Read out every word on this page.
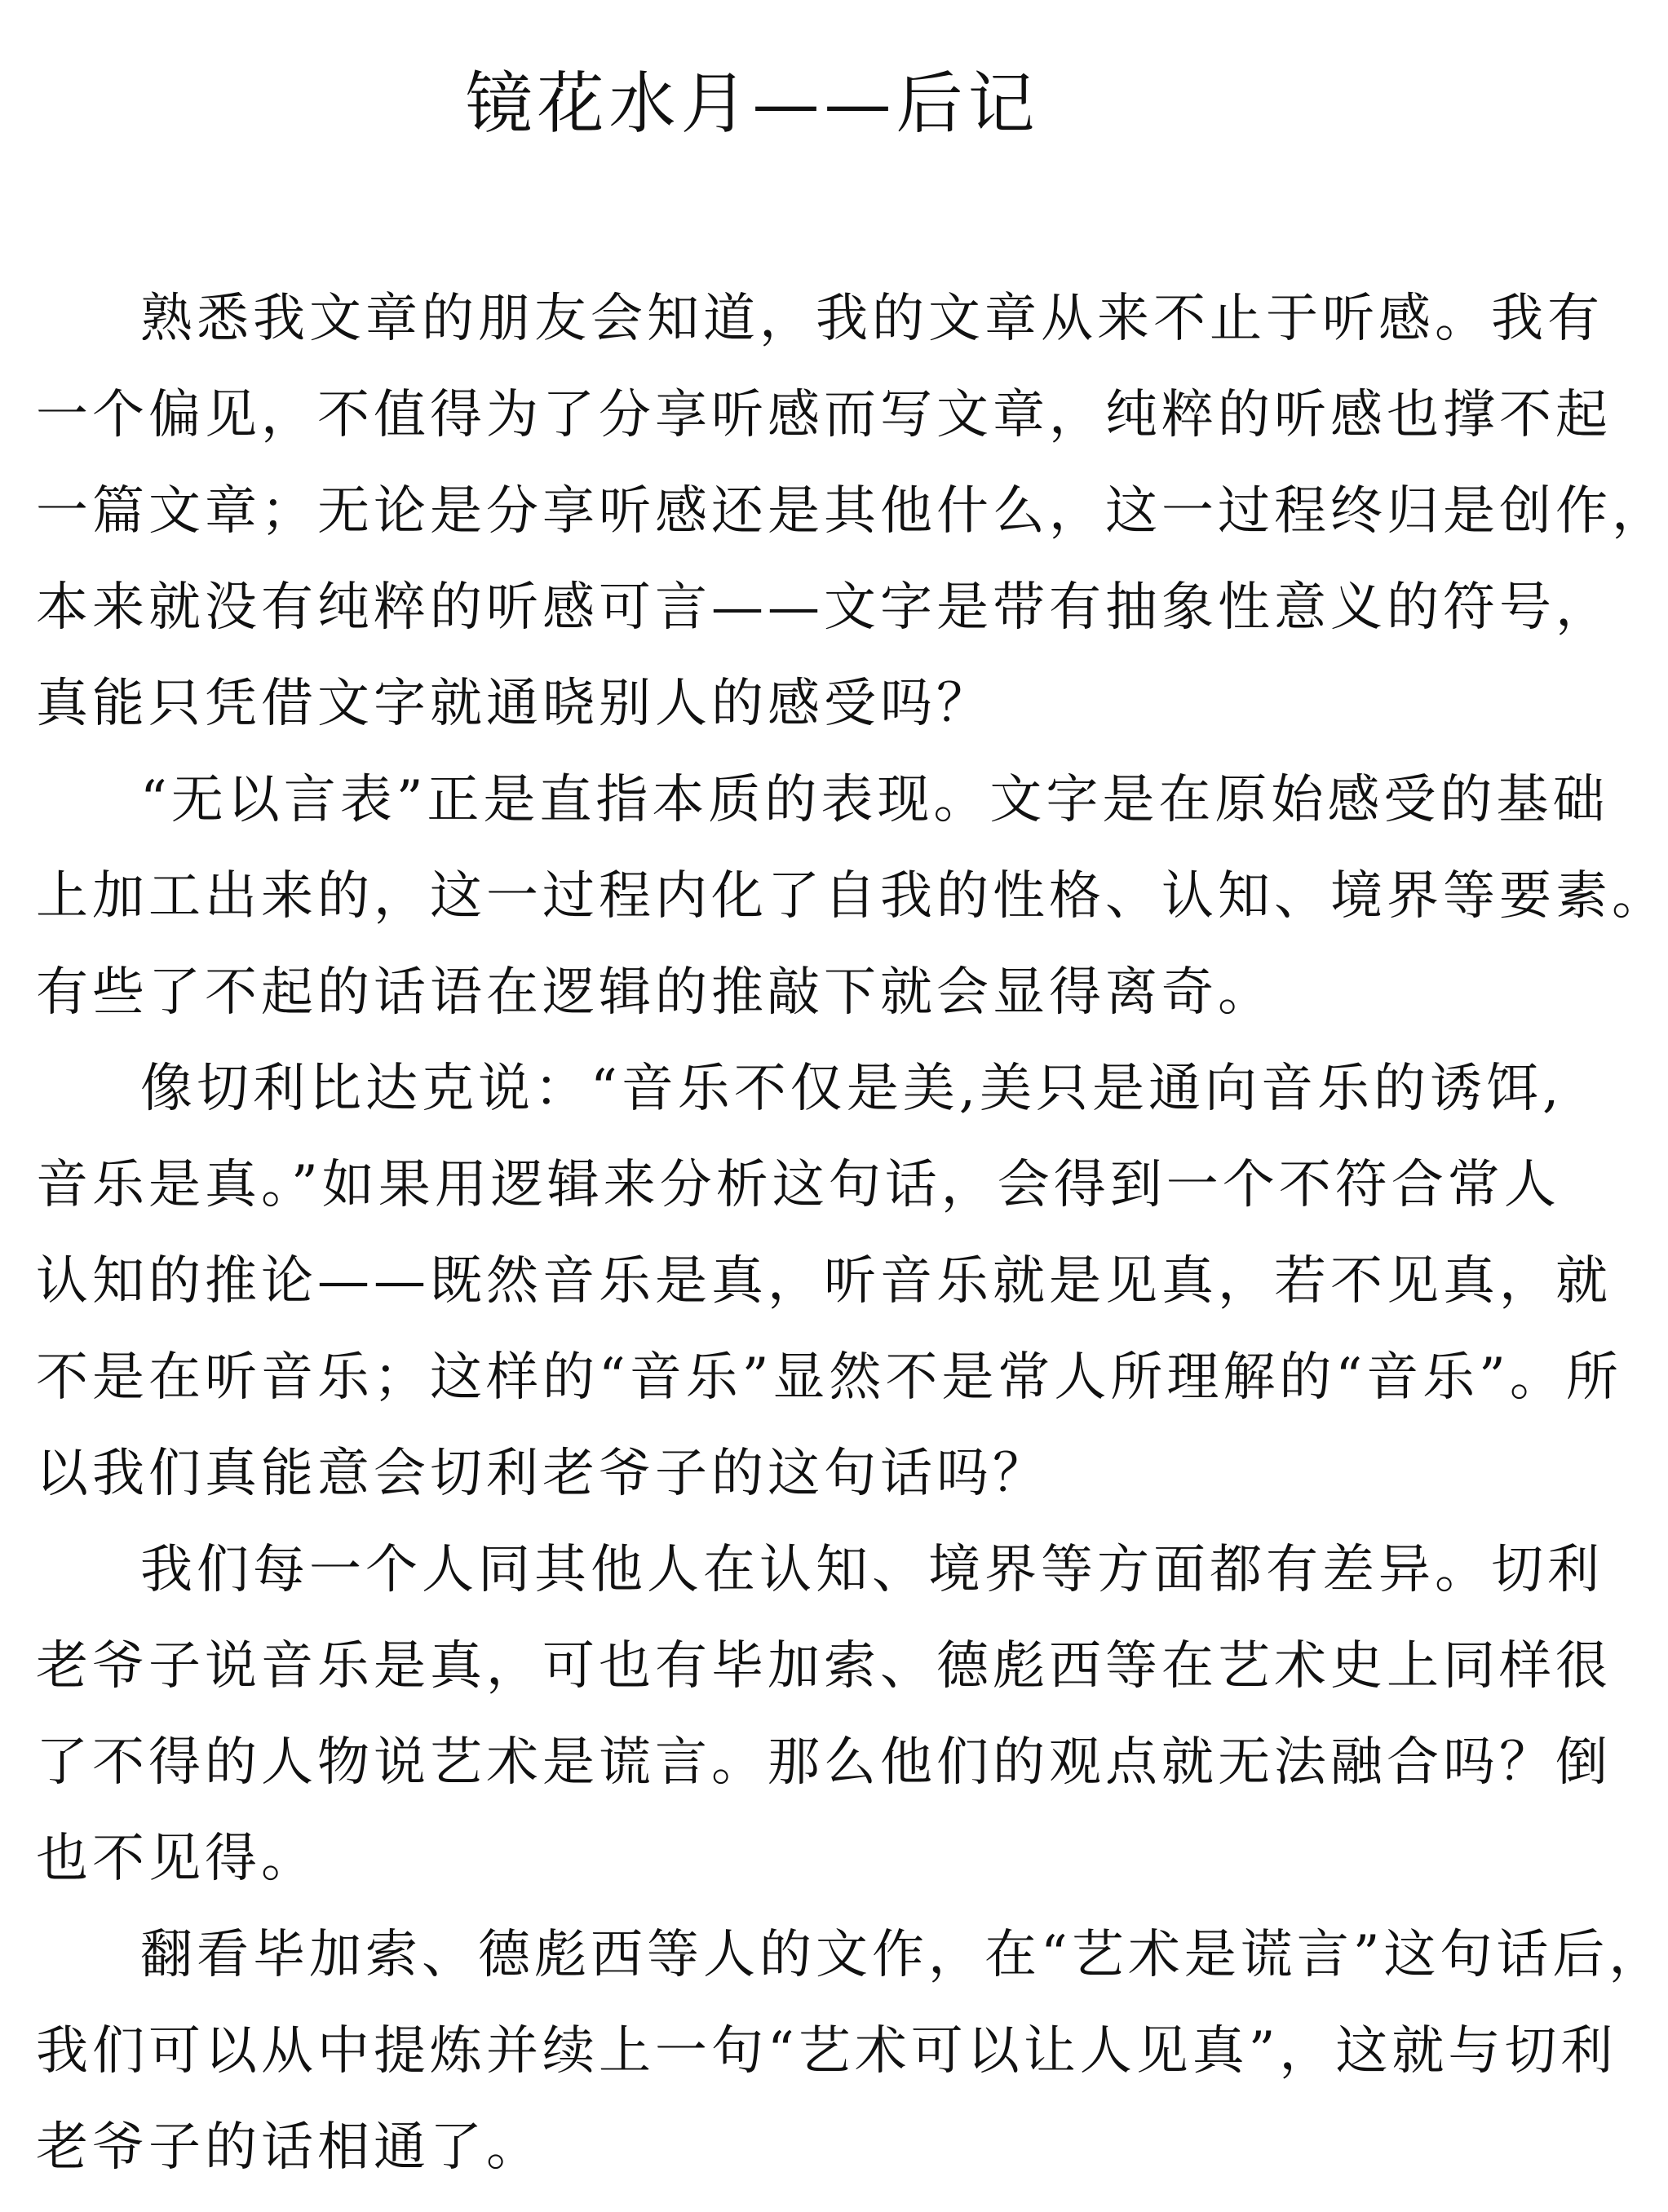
镜花水月——后记
熟悉我文章的朋友会知道，我的文章从来不止于听感。我有
一个偏见，不值得为了分享听感而写文章，纯粹的听感也撑不起
一篇文章；无论是分享听感还是其他什么，这一过程终归是创作，
本来就没有纯粹的听感可言——文字是带有抽象性意义的符号，
真能只凭借文字就通晓别人的感受吗？
“无以言表”正是直指本质的表现。文字是在原始感受的基础
上加工出来的，这一过程内化了自我的性格、认知、境界等要素。
有些了不起的话语在逻辑的推敲下就会显得离奇。
像切利比达克说：“音乐不仅是美,美只是通向音乐的诱饵,
音乐是真。”如果用逻辑来分析这句话，会得到一个不符合常人
认知的推论——既然音乐是真，听音乐就是见真，若不见真，就
不是在听音乐；这样的“音乐”显然不是常人所理解的“音乐”。所
以我们真能意会切利老爷子的这句话吗？
我们每一个人同其他人在认知、境界等方面都有差异。切利
老爷子说音乐是真，可也有毕加索、德彪西等在艺术史上同样很
了不得的人物说艺术是谎言。那么他们的观点就无法融合吗？倒
也不见得。
翻看毕加索、德彪西等人的文作，在“艺术是谎言”这句话后，
我们可以从中提炼并续上一句“艺术可以让人见真”，这就与切利
老爷子的话相通了。
